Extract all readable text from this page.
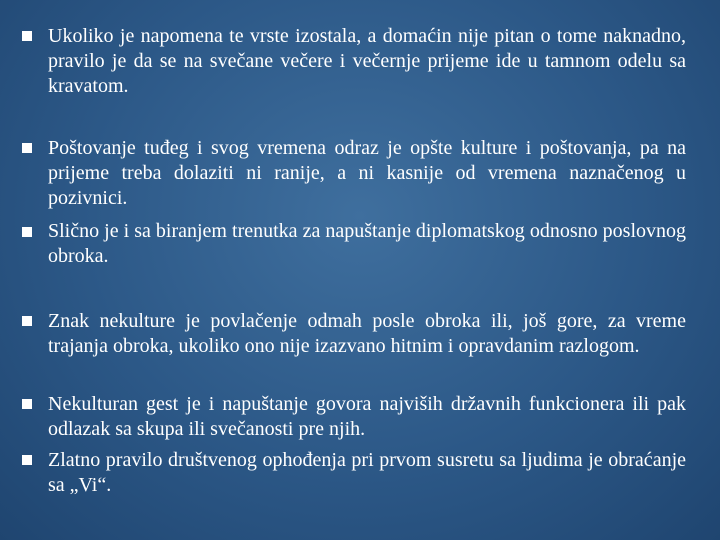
Ukoliko je napomena te vrste izostala, a domaćin nije pitan o tome naknadno, pravilo je da se na svečane večere i večernje prijeme ide u tamnom odelu sa kravatom.

Poštovanje tuđeg i svog vremena odraz je opšte kulture i poštovanja, pa na prijeme treba dolaziti ni ranije, a ni kasnije od vremena naznačenog u pozivnici.

Slično je i sa biranjem trenutka za napuštanje diplomatskog odnosno poslovnog obroka.

Znak nekulture je povlačenje odmah posle obroka ili, još gore, za vreme trajanja obroka, ukoliko ono nije izazvano hitnim i opravdanim razlogom.

Nekulturan gest je i napuštanje govora najviših državnih funkcionera ili pak odlazak sa skupa ili svečanosti pre njih.

Zlatno pravilo društvenog ophođenja pri prvom susretu sa ljudima je obraćanje sa „Vi“.
